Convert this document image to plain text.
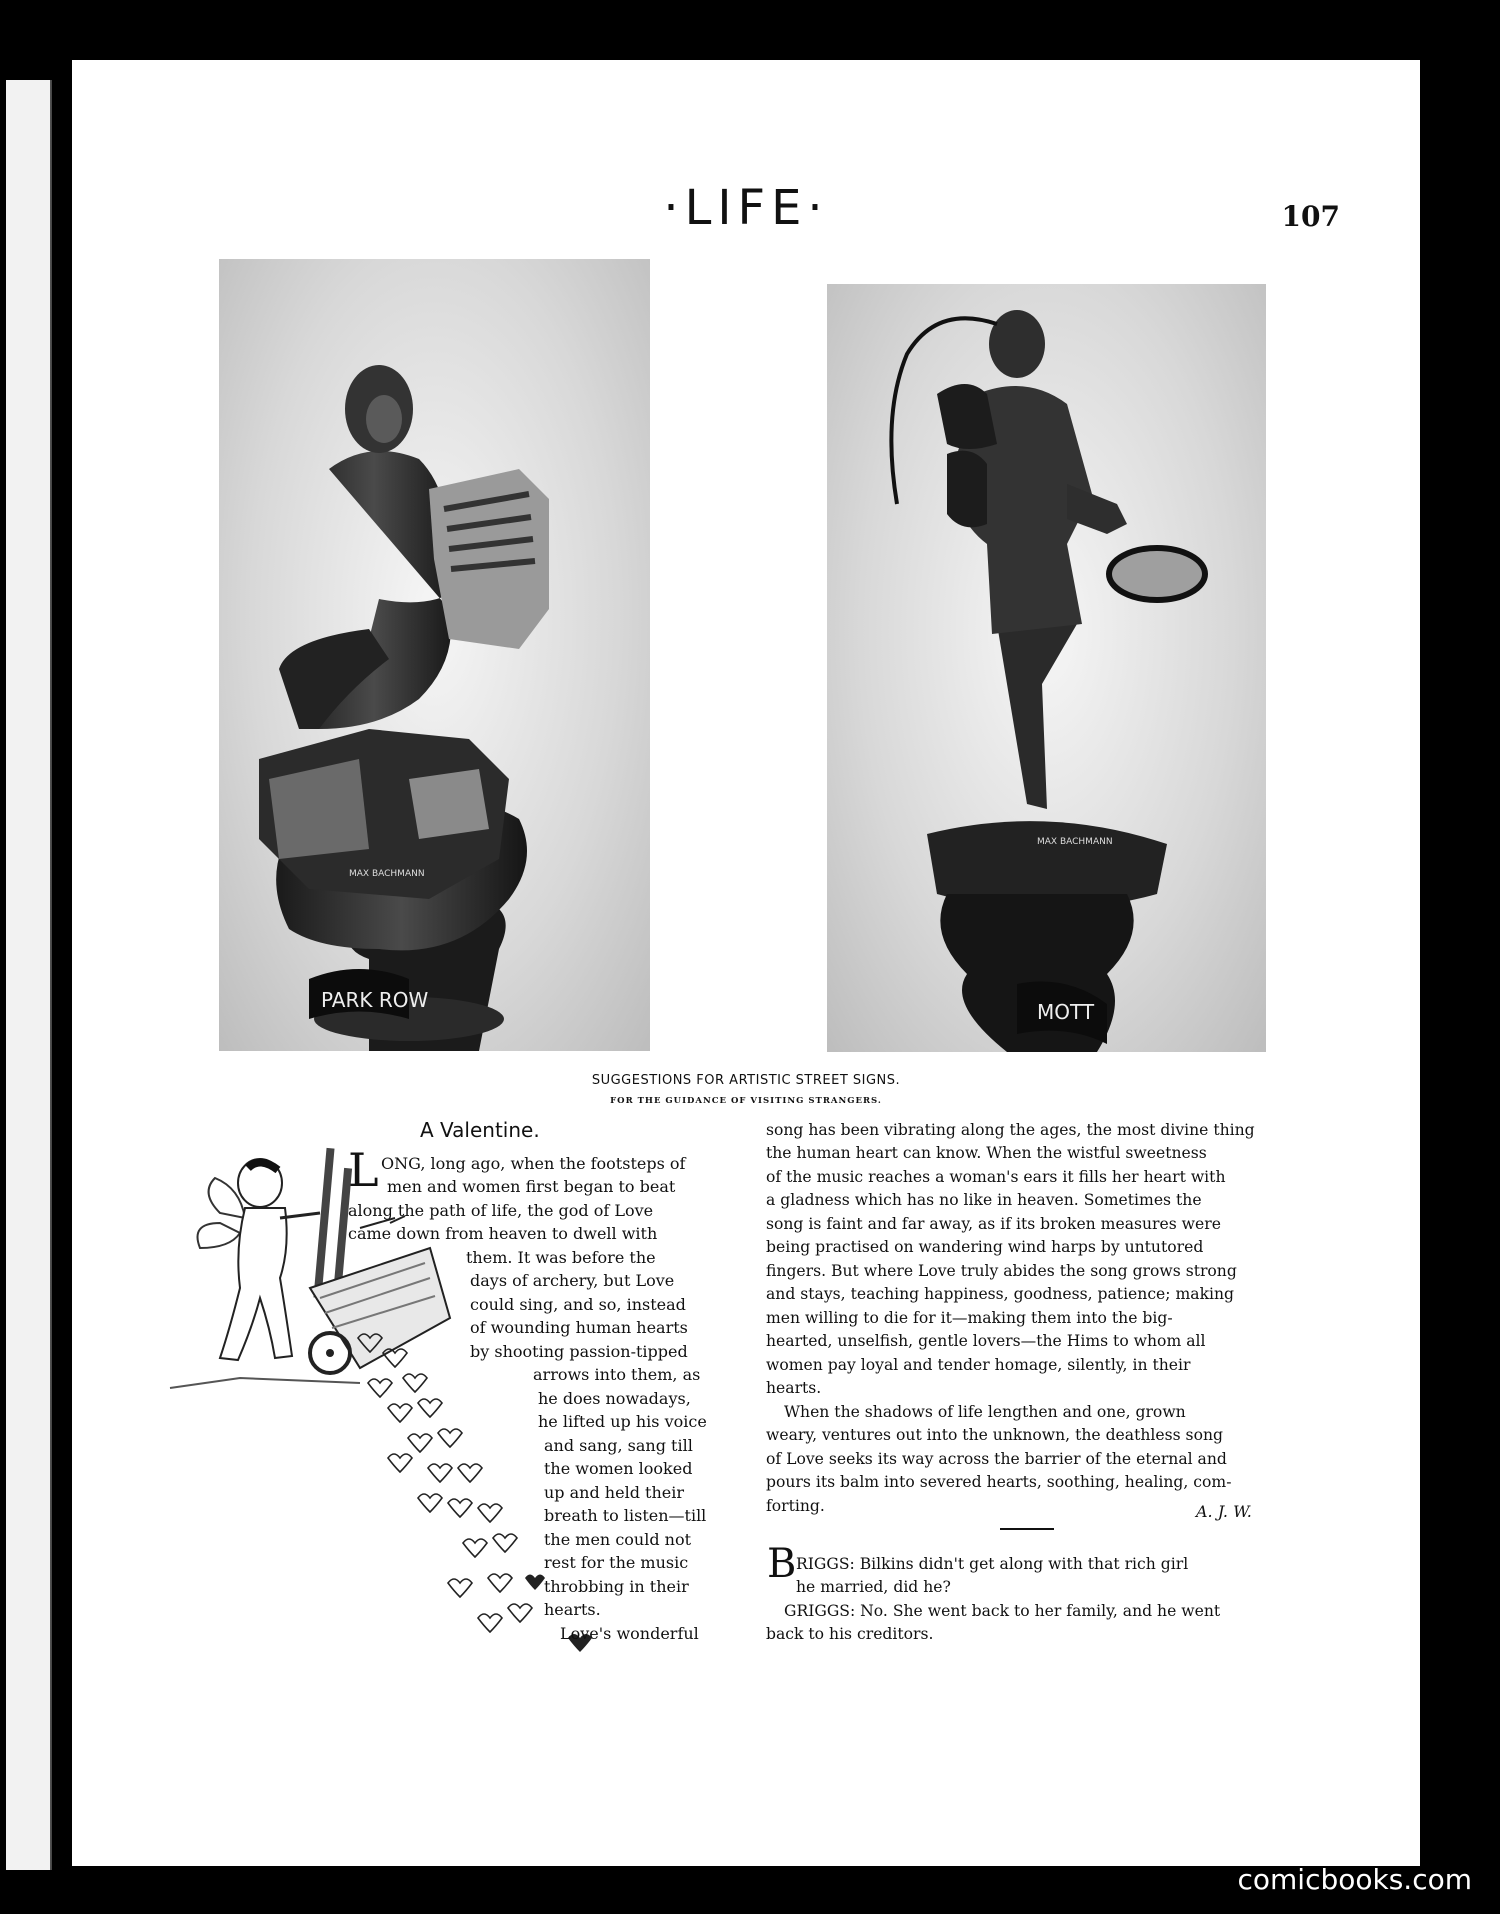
·LIFE·	107
PARK ROW
MAX BACHMANN
MOTT
MAX BACHMANN
SUGGESTIONS FOR ARTISTIC STREET SIGNS.
FOR THE GUIDANCE OF VISITING STRANGERS.
A Valentine.
L ONG, long ago, when the footsteps of
men and women first began to beat
along the path of life, the god of Love
came down from heaven to dwell with
them. It was before the
days of archery, but Love
could sing, and so, instead
of wounding human hearts
by shooting passion-tipped
arrows into them, as
he does nowadays,
he lifted up his voice
and sang, sang till
the women looked
up and held their
breath to listen—till
the men could not
rest for the music
throbbing in their
hearts.
Love's wonderful
song has been vibrating along the ages, the most divine thing
the human heart can know. When the wistful sweetness
of the music reaches a woman's ears it fills her heart with
a gladness which has no like in heaven. Sometimes the
song is faint and far away, as if its broken measures were
being practised on wandering wind harps by untutored
fingers. But where Love truly abides the song grows strong
and stays, teaching happiness, goodness, patience; making
men willing to die for it—making them into the big-
hearted, unselfish, gentle lovers—the Hims to whom all
women pay loyal and tender homage, silently, in their
hearts.
When the shadows of life lengthen and one, grown
weary, ventures out into the unknown, the deathless song
of Love seeks its way across the barrier of the eternal and
pours its balm into severed hearts, soothing, healing, com-
forting.	A. J. W.
B RIGGS: Bilkins didn't get along with that rich girl
he married, did he?
GRIGGS: No. She went back to her family, and he went
back to his creditors.
comicbooks.com
